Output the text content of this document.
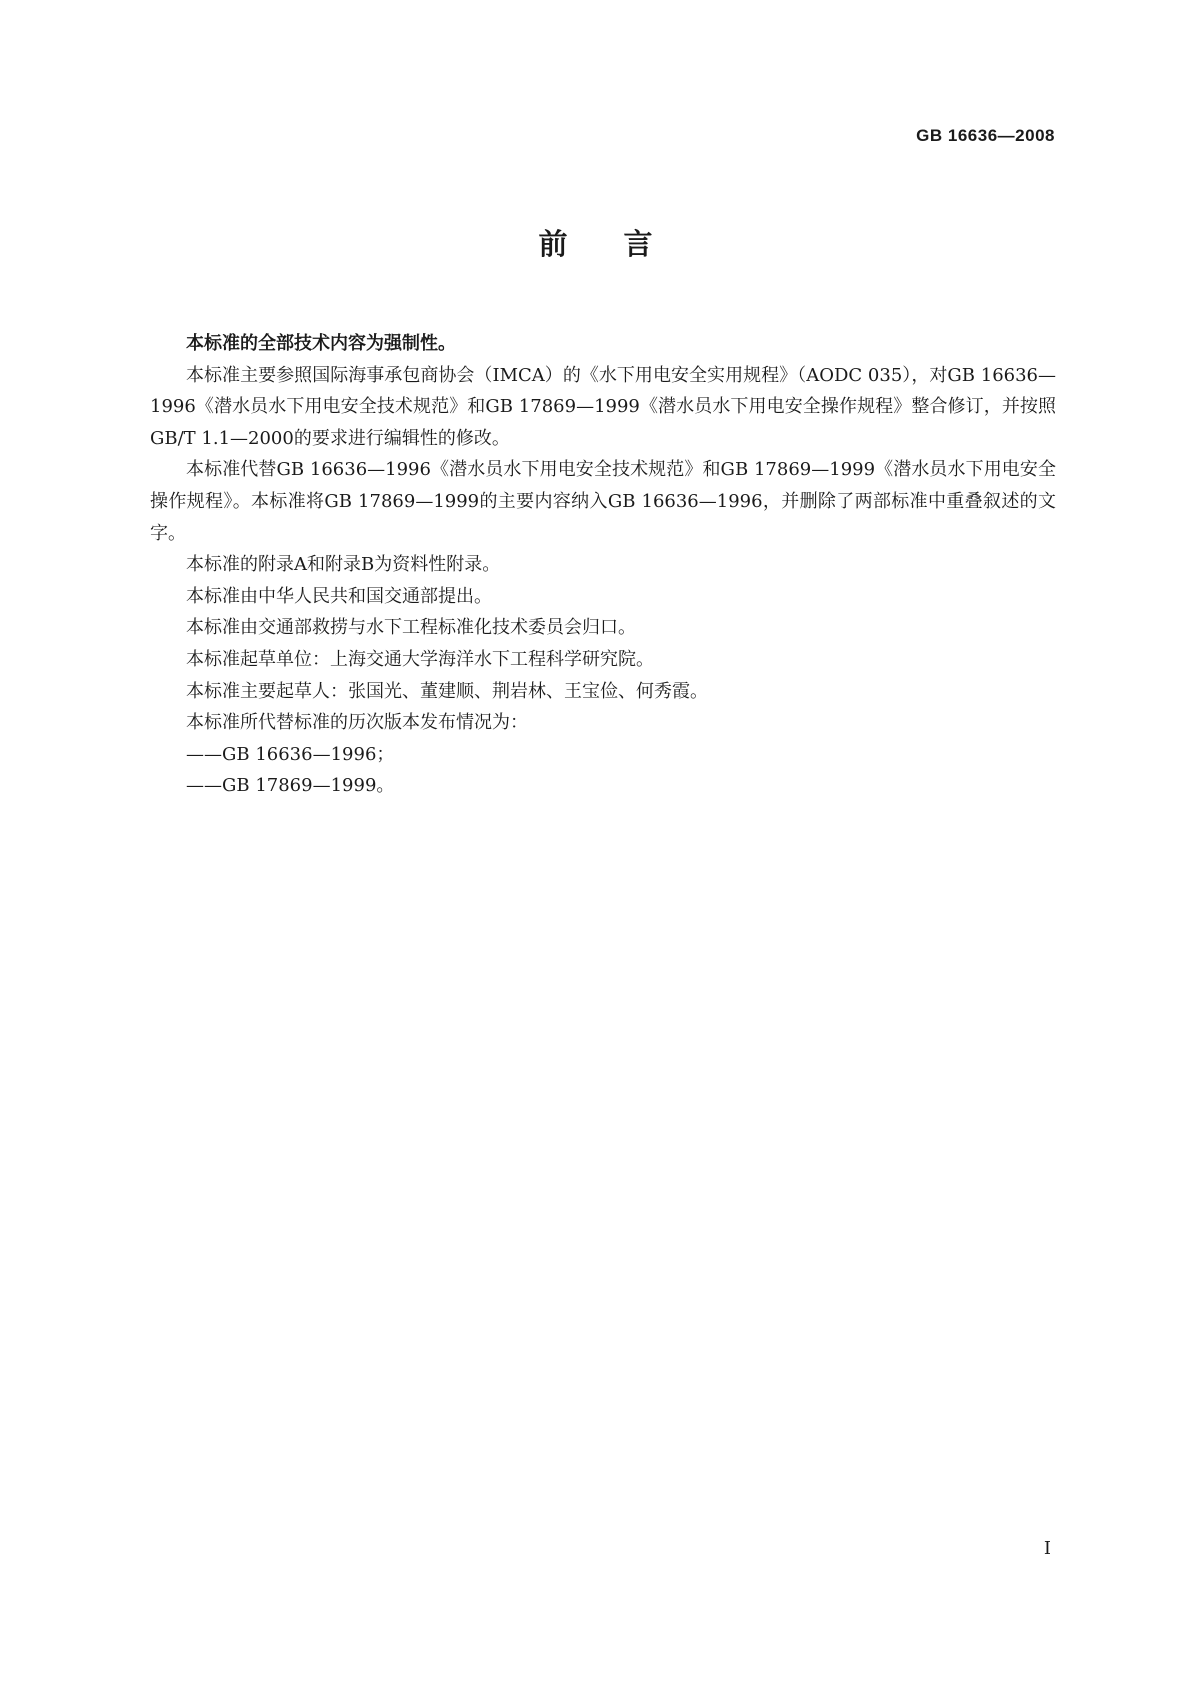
GB 16636—2008
前言

本标准的全部技术内容为强制性。

本标准主要参照国际海事承包商协会（IMCA）的《水下用电安全实用规程》（AODC 035），对GB 16636—1996《潜水员水下用电安全技术规范》和GB 17869—1999《潜水员水下用电安全操作规程》整合修订，并按照GB/T 1.1—2000的要求进行编辑性的修改。

本标准代替GB 16636—1996《潜水员水下用电安全技术规范》和GB 17869—1999《潜水员水下用电安全操作规程》。本标准将GB 17869—1999的主要内容纳入GB 16636—1996，并删除了两部标准中重叠叙述的文字。

本标准的附录A和附录B为资料性附录。

本标准由中华人民共和国交通部提出。

本标准由交通部救捞与水下工程标准化技术委员会归口。

本标准起草单位：上海交通大学海洋水下工程科学研究院。

本标准主要起草人：张国光、董建顺、荆岩林、王宝俭、何秀霞。

本标准所代替标准的历次版本发布情况为：

——GB 16636—1996；

——GB 17869—1999。

I
